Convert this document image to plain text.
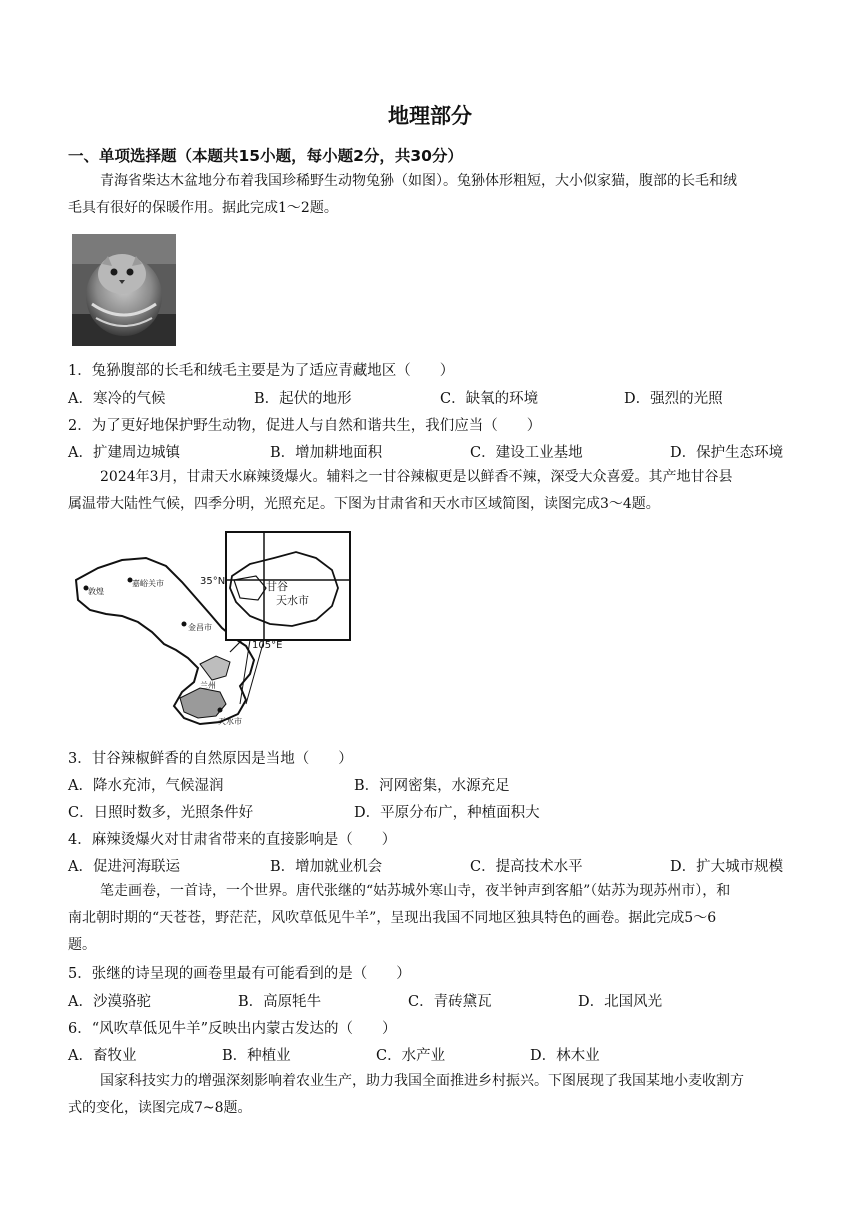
地理部分
一、单项选择题（本题共15小题，每小题2分，共30分）
青海省柴达木盆地分布着我国珍稀野生动物兔狲（如图）。兔狲体形粗短，大小似家猫，腹部的长毛和绒
毛具有很好的保暖作用。据此完成1～2题。
1．兔狲腹部的长毛和绒毛主要是为了适应青藏地区（　　）
A．寒冷的气候	B．起伏的地形	C．缺氧的环境	D．强烈的光照
2．为了更好地保护野生动物，促进人与自然和谐共生，我们应当（　　）
A．扩建周边城镇	B．增加耕地面积	C．建设工业基地	D．保护生态环境
2024年3月，甘肃天水麻辣烫爆火。辅料之一甘谷辣椒更是以鲜香不辣，深受大众喜爱。其产地甘谷县
属温带大陆性气候，四季分明，光照充足。下图为甘肃省和天水市区域简图，读图完成3～4题。
35°N
105°E
甘谷
天水市
敦煌
嘉峪关市
金昌市
兰州
天水市
3．甘谷辣椒鲜香的自然原因是当地（　　）
A．降水充沛，气候湿润	B．河网密集，水源充足
C．日照时数多，光照条件好	D．平原分布广，种植面积大
4．麻辣烫爆火对甘肃省带来的直接影响是（　　）
A．促进河海联运	B．增加就业机会	C．提高技术水平	D．扩大城市规模
笔走画卷，一首诗，一个世界。唐代张继的“姑苏城外寒山寺，夜半钟声到客船”（姑苏为现苏州市），和
南北朝时期的“天苍苍，野茫茫，风吹草低见牛羊”，呈现出我国不同地区独具特色的画卷。据此完成5～6
题。
5．张继的诗呈现的画卷里最有可能看到的是（　　）
A．沙漠骆驼	B．高原牦牛	C．青砖黛瓦	D．北国风光
6．“风吹草低见牛羊”反映出内蒙古发达的（　　）
A．畜牧业	B．种植业	C．水产业	D．林木业
国家科技实力的增强深刻影响着农业生产，助力我国全面推进乡村振兴。下图展现了我国某地小麦收割方
式的变化，读图完成7~8题。
